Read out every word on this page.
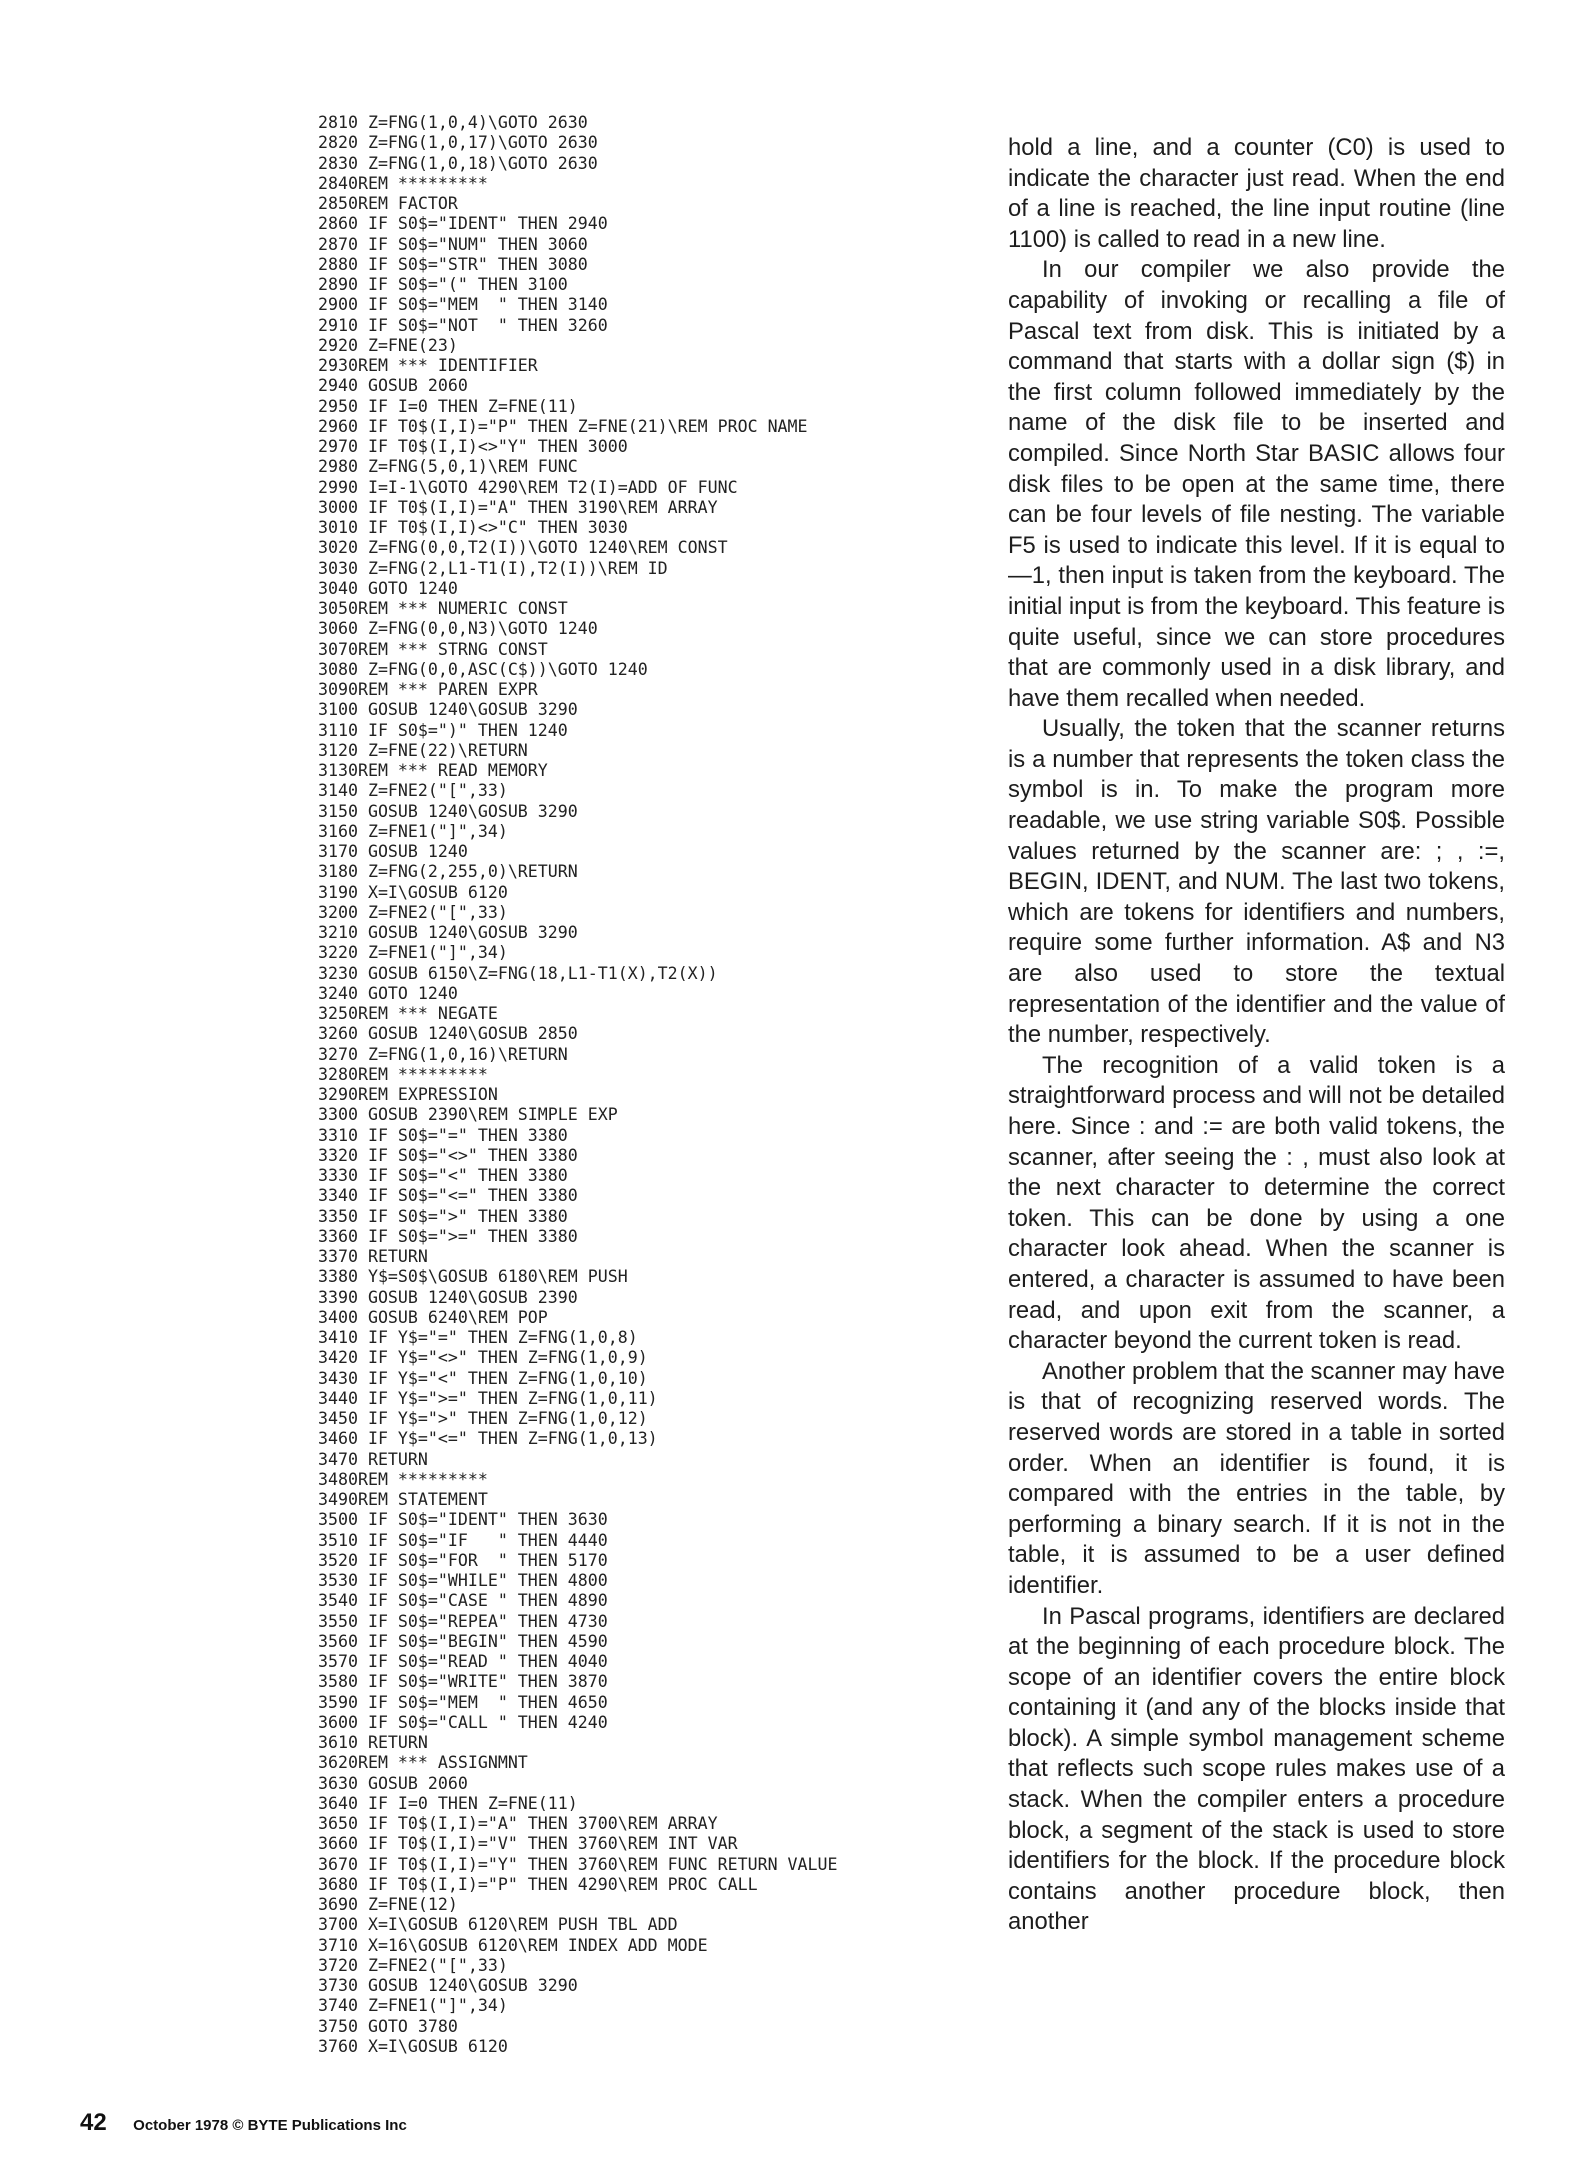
2810 Z=FNG(1,0,4)\GOTO 2630
2820 Z=FNG(1,0,17)\GOTO 2630
2830 Z=FNG(1,0,18)\GOTO 2630
2840REM *********
2850REM FACTOR
2860 IF S0$="IDENT" THEN 2940
2870 IF S0$="NUM" THEN 3060
2880 IF S0$="STR" THEN 3080
2890 IF S0$="(" THEN 3100
2900 IF S0$="MEM  " THEN 3140
2910 IF S0$="NOT  " THEN 3260
2920 Z=FNE(23)
2930REM *** IDENTIFIER
2940 GOSUB 2060
2950 IF I=0 THEN Z=FNE(11)
2960 IF T0$(I,I)="P" THEN Z=FNE(21)\REM PROC NAME
2970 IF T0$(I,I)<>"Y" THEN 3000
2980 Z=FNG(5,0,1)\REM FUNC
2990 I=I-1\GOTO 4290\REM T2(I)=ADD OF FUNC
3000 IF T0$(I,I)="A" THEN 3190\REM ARRAY
3010 IF T0$(I,I)<>"C" THEN 3030
3020 Z=FNG(0,0,T2(I))\GOTO 1240\REM CONST
3030 Z=FNG(2,L1-T1(I),T2(I))\REM ID
3040 GOTO 1240
3050REM *** NUMERIC CONST
3060 Z=FNG(0,0,N3)\GOTO 1240
3070REM *** STRNG CONST
3080 Z=FNG(0,0,ASC(C$))\GOTO 1240
3090REM *** PAREN EXPR
3100 GOSUB 1240\GOSUB 3290
3110 IF S0$=")" THEN 1240
3120 Z=FNE(22)\RETURN
3130REM *** READ MEMORY
3140 Z=FNE2("[",33)
3150 GOSUB 1240\GOSUB 3290
3160 Z=FNE1("]",34)
3170 GOSUB 1240
3180 Z=FNG(2,255,0)\RETURN
3190 X=I\GOSUB 6120
3200 Z=FNE2("[",33)
3210 GOSUB 1240\GOSUB 3290
3220 Z=FNE1("]",34)
3230 GOSUB 6150\Z=FNG(18,L1-T1(X),T2(X))
3240 GOTO 1240
3250REM *** NEGATE
3260 GOSUB 1240\GOSUB 2850
3270 Z=FNG(1,0,16)\RETURN
3280REM *********
3290REM EXPRESSION
3300 GOSUB 2390\REM SIMPLE EXP
3310 IF S0$="=" THEN 3380
3320 IF S0$="<>" THEN 3380
3330 IF S0$="<" THEN 3380
3340 IF S0$="<=" THEN 3380
3350 IF S0$=">" THEN 3380
3360 IF S0$=">=" THEN 3380
3370 RETURN
3380 Y$=S0$\GOSUB 6180\REM PUSH
3390 GOSUB 1240\GOSUB 2390
3400 GOSUB 6240\REM POP
3410 IF Y$="=" THEN Z=FNG(1,0,8)
3420 IF Y$="<>" THEN Z=FNG(1,0,9)
3430 IF Y$="<" THEN Z=FNG(1,0,10)
3440 IF Y$=">=" THEN Z=FNG(1,0,11)
3450 IF Y$=">" THEN Z=FNG(1,0,12)
3460 IF Y$="<=" THEN Z=FNG(1,0,13)
3470 RETURN
3480REM *********
3490REM STATEMENT
3500 IF S0$="IDENT" THEN 3630
3510 IF S0$="IF   " THEN 4440
3520 IF S0$="FOR  " THEN 5170
3530 IF S0$="WHILE" THEN 4800
3540 IF S0$="CASE " THEN 4890
3550 IF S0$="REPEA" THEN 4730
3560 IF S0$="BEGIN" THEN 4590
3570 IF S0$="READ " THEN 4040
3580 IF S0$="WRITE" THEN 3870
3590 IF S0$="MEM  " THEN 4650
3600 IF S0$="CALL " THEN 4240
3610 RETURN
3620REM *** ASSIGNMNT
3630 GOSUB 2060
3640 IF I=0 THEN Z=FNE(11)
3650 IF T0$(I,I)="A" THEN 3700\REM ARRAY
3660 IF T0$(I,I)="V" THEN 3760\REM INT VAR
3670 IF T0$(I,I)="Y" THEN 3760\REM FUNC RETURN VALUE
3680 IF T0$(I,I)="P" THEN 4290\REM PROC CALL
3690 Z=FNE(12)
3700 X=I\GOSUB 6120\REM PUSH TBL ADD
3710 X=16\GOSUB 6120\REM INDEX ADD MODE
3720 Z=FNE2("[",33)
3730 GOSUB 1240\GOSUB 3290
3740 Z=FNE1("]",34)
3750 GOTO 3780
3760 X=I\GOSUB 6120

hold a line, and a counter (C0) is used to indicate the character just read. When the end of a line is reached, the line input routine (line 1100) is called to read in a new line.

In our compiler we also provide the capability of invoking or recalling a file of Pascal text from disk. This is initiated by a command that starts with a dollar sign ($) in the first column followed immediately by the name of the disk file to be inserted and compiled. Since North Star BASIC allows four disk files to be open at the same time, there can be four levels of file nesting. The variable F5 is used to indicate this level. If it is equal to —1, then input is taken from the keyboard. The initial input is from the keyboard. This feature is quite useful, since we can store procedures that are commonly used in a disk library, and have them recalled when needed.

Usually, the token that the scanner returns is a number that represents the token class the symbol is in. To make the program more readable, we use string variable S0$. Possible values returned by the scanner are: ; , :=, BEGIN, IDENT, and NUM. The last two tokens, which are tokens for identifiers and numbers, require some further information. A$ and N3 are also used to store the textual representation of the identifier and the value of the number, respectively.

The recognition of a valid token is a straightforward process and will not be detailed here. Since : and := are both valid tokens, the scanner, after seeing the : , must also look at the next character to determine the correct token. This can be done by using a one character look ahead. When the scanner is entered, a character is assumed to have been read, and upon exit from the scanner, a character beyond the current token is read.

Another problem that the scanner may have is that of recognizing reserved words. The reserved words are stored in a table in sorted order. When an identifier is found, it is compared with the entries in the table, by performing a binary search. If it is not in the table, it is assumed to be a user defined identifier.

In Pascal programs, identifiers are declared at the beginning of each procedure block. The scope of an identifier covers the entire block containing it (and any of the blocks inside that block). A simple symbol management scheme that reflects such scope rules makes use of a stack. When the compiler enters a procedure block, a segment of the stack is used to store identifiers for the block. If the procedure block contains another procedure block, then another

42 October 1978 © BYTE Publications Inc
